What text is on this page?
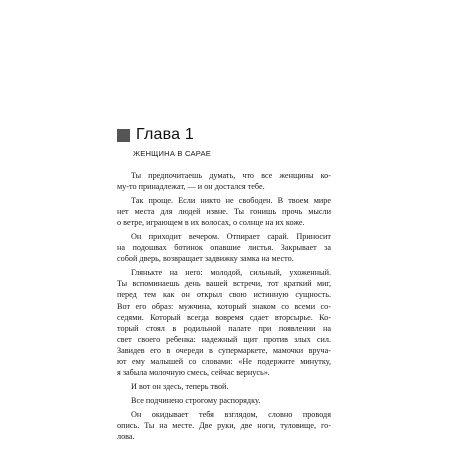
Глава 1
ЖЕНЩИНА В САРАЕ
Ты предпочитаешь думать, что все женщины ко-
му-то принадлежат, — и он достался тебе.
Так проще. Если никто не свободен. В твоем мире
нет места для людей извне. Ты гонишь прочь мысли
о ветре, играющем в их волосах, о солнце на их коже.
Он приходит вечером. Отпирает сарай. Приносит
на подошвах ботинок опавшие листья. Закрывает за
собой дверь, возвращает задвижку замка на место.
Глянькте на него: молодой, сильный, ухоженный.
Ты вспоминаешь день вашей встречи, тот краткий миг,
перед тем как он открыл свою истинную сущность.
Вот его образ: мужчина, который знаком со всеми со-
седями. Который всегда вовремя сдает вторсырье. Ко-
торый стоял в родильной палате при появлении на
свет своего ребенка: надежный щит против злых сил.
Завидев его в очереди в супермаркете, мамочки вруча-
ют ему малышей со словами: «Не подержите минутку,
я забыла молочную смесь, сейчас вернусь».
И вот он здесь, теперь твой.
Все подчинено строгому распорядку.
Он окидывает тебя взглядом, словно проводя
опись. Ты на месте. Две руки, две ноги, туловище, го-
лова.
